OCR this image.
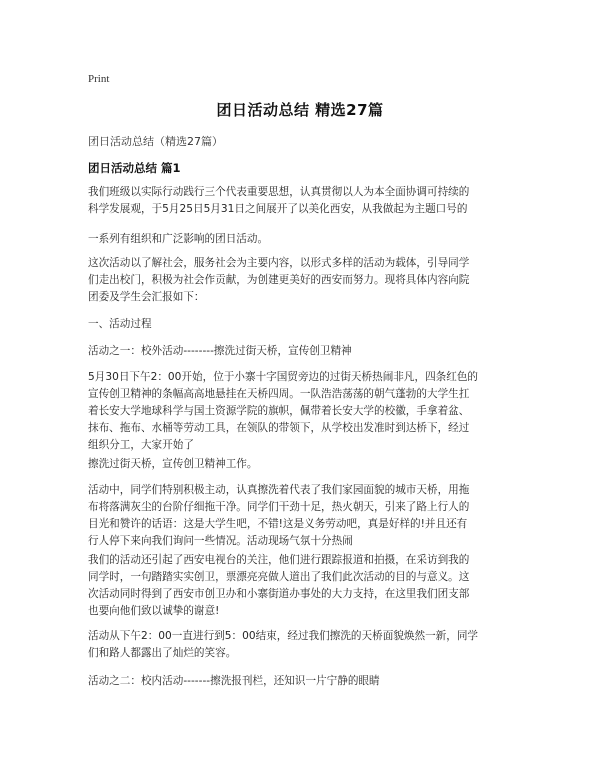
Print
团日活动总结 精选27篇
团日活动总结（精选27篇）
团日活动总结 篇1

我们班级以实际行动践行三个代表重要思想，认真贯彻以人为本全面协调可持续的
科学发展观，于5月25日5月31日之间展开了以美化西安，从我做起为主题口号的

一系列有组织和广泛影响的团日活动。

这次活动以了解社会，服务社会为主要内容，以形式多样的活动为载体，引导同学
们走出校门，积极为社会作贡献，为创建更美好的西安而努力。现将具体内容向院
团委及学生会汇报如下：

一、活动过程

活动之一：校外活动--------擦洗过街天桥，宣传创卫精神

5月30日下午2：00开始，位于小寨十字国贸旁边的过街天桥热闹非凡，四条红色的
宣传创卫精神的条幅高高地悬挂在天桥四周。一队浩浩荡荡的朝气蓬勃的大学生扛
着长安大学地球科学与国土资源学院的旗帜，佩带着长安大学的校徽，手拿着盆、
抹布、拖布、水桶等劳动工具，在领队的带领下，从学校出发准时到达桥下，经过
组织分工，大家开始了

擦洗过街天桥，宣传创卫精神工作。

活动中，同学们特别积极主动，认真擦洗着代表了我们家园面貌的城市天桥，用拖
布将落满灰尘的台阶仔细拖干净。同学们干劲十足，热火朝天，引来了路上行人的
目光和赞许的话语：这是大学生吧，不错!这是义务劳动吧，真是好样的!并且还有
行人停下来向我们询问一些情况。活动现场气氛十分热闹

我们的活动还引起了西安电视台的关注，他们进行跟踪报道和拍摄，在采访到我的
同学时，一句踏踏实实创卫，票漂亮亮做人道出了我们此次活动的目的与意义。这
次活动同时得到了西安市创卫办和小寨街道办事处的大力支持，在这里我们团支部
也要向他们致以诚挚的谢意!

活动从下午2：00一直进行到5：00结束，经过我们擦洗的天桥面貌焕然一新，同学
们和路人都露出了灿烂的笑容。

活动之二：校内活动-------擦洗报刊栏，还知识一片宁静的眼睛
